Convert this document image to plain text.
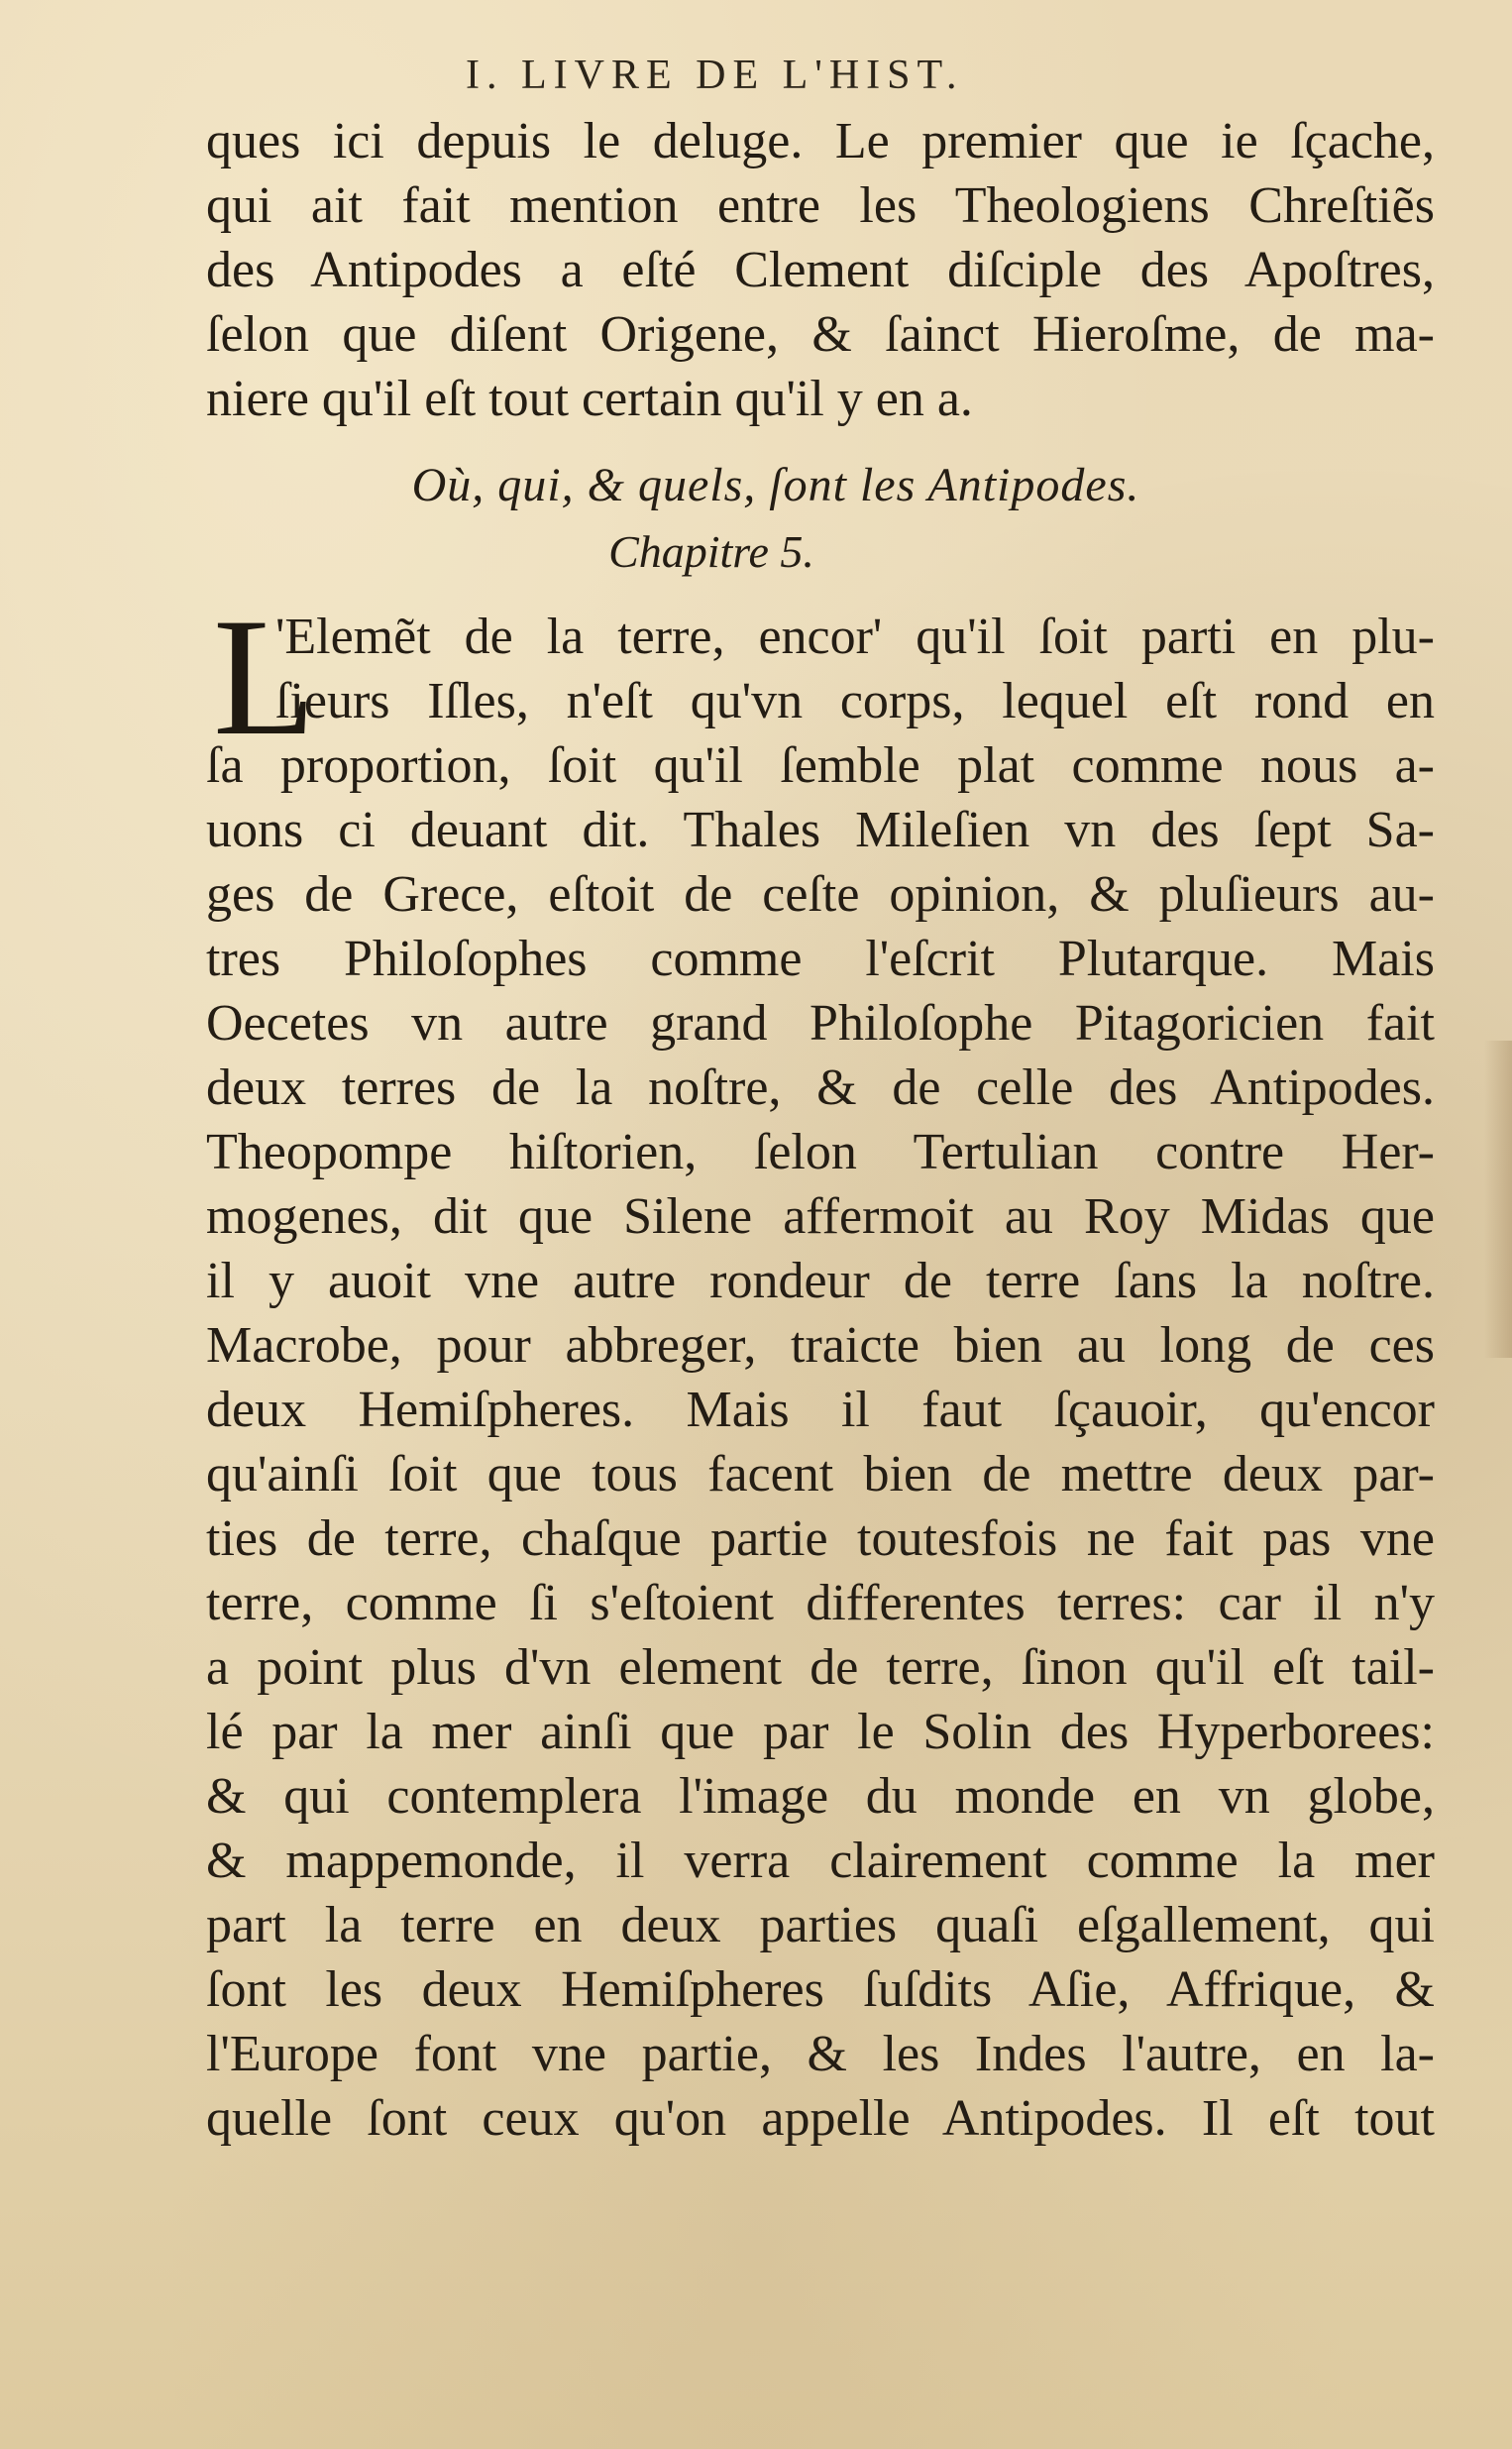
I. LIVRE DE L'HIST.
ques ici depuis le deluge. Le premier que ie ſçache,
qui ait fait mention entre les Theologiens Chreſtiẽs
des Antipodes a eſté Clement diſciple des Apoſtres,
ſelon que diſent Origene, & ſainct Hieroſme, de ma-
niere qu'il eſt tout certain qu'il y en a.
Où, qui, & quels, ſont les Antipodes.
Chapitre 5.
L
'Elemẽt de la terre, encor' qu'il ſoit parti en plu-
ſieurs Iſles, n'eſt qu'vn corps, lequel eſt rond en
ſa proportion, ſoit qu'il ſemble plat comme nous a-
uons ci deuant dit. Thales Mileſien vn des ſept Sa-
ges de Grece, eſtoit de ceſte opinion, & pluſieurs au-
tres Philoſophes comme l'eſcrit Plutarque. Mais
Oecetes vn autre grand Philoſophe Pitagoricien fait
deux terres de la noſtre, & de celle des Antipodes.
Theopompe hiſtorien, ſelon Tertulian contre Her-
mogenes, dit que Silene affermoit au Roy Midas que
il y auoit vne autre rondeur de terre ſans la noſtre.
Macrobe, pour abbreger, traicte bien au long de ces
deux Hemiſpheres. Mais il faut ſçauoir, qu'encor
qu'ainſi ſoit que tous facent bien de mettre deux par-
ties de terre, chaſque partie toutesfois ne fait pas vne
terre, comme ſi s'eſtoient differentes terres: car il n'y
a point plus d'vn element de terre, ſinon qu'il eſt tail-
lé par la mer ainſi que par le Solin des Hyperborees:
& qui contemplera l'image du monde en vn globe,
& mappemonde, il verra clairement comme la mer
part la terre en deux parties quaſi eſgallement, qui
ſont les deux Hemiſpheres ſuſdits Aſie, Affrique, &
l'Europe font vne partie, & les Indes l'autre, en la-
quelle ſont ceux qu'on appelle Antipodes. Il eſt tout
